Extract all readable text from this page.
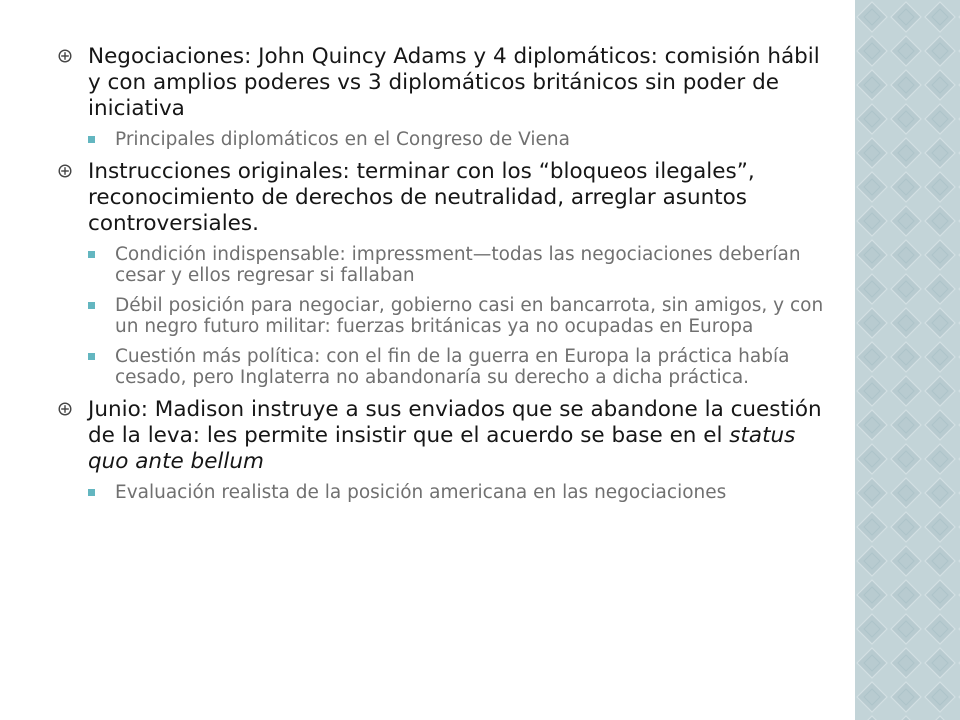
Negociaciones: John Quincy Adams y 4 diplomáticos: comisión hábil y con amplios poderes vs 3 diplomáticos británicos sin poder de iniciativa
Principales diplomáticos en el Congreso de Viena
Instrucciones originales: terminar con los “bloqueos ilegales”, reconocimiento de derechos de neutralidad, arreglar asuntos controversiales.
Condición indispensable: impressment—todas las negociaciones deberían cesar y ellos regresar si fallaban
Débil posición para negociar, gobierno casi en bancarrota, sin amigos, y con un negro futuro militar: fuerzas británicas ya no ocupadas en Europa
Cuestión más política: con el fin de la guerra en Europa la práctica había cesado, pero Inglaterra no abandonaría su derecho a dicha práctica.
Junio: Madison instruye a sus enviados que se abandone la cuestión de la leva: les permite insistir que el acuerdo se base en el status quo ante bellum
Evaluación realista de la posición americana en las negociaciones
